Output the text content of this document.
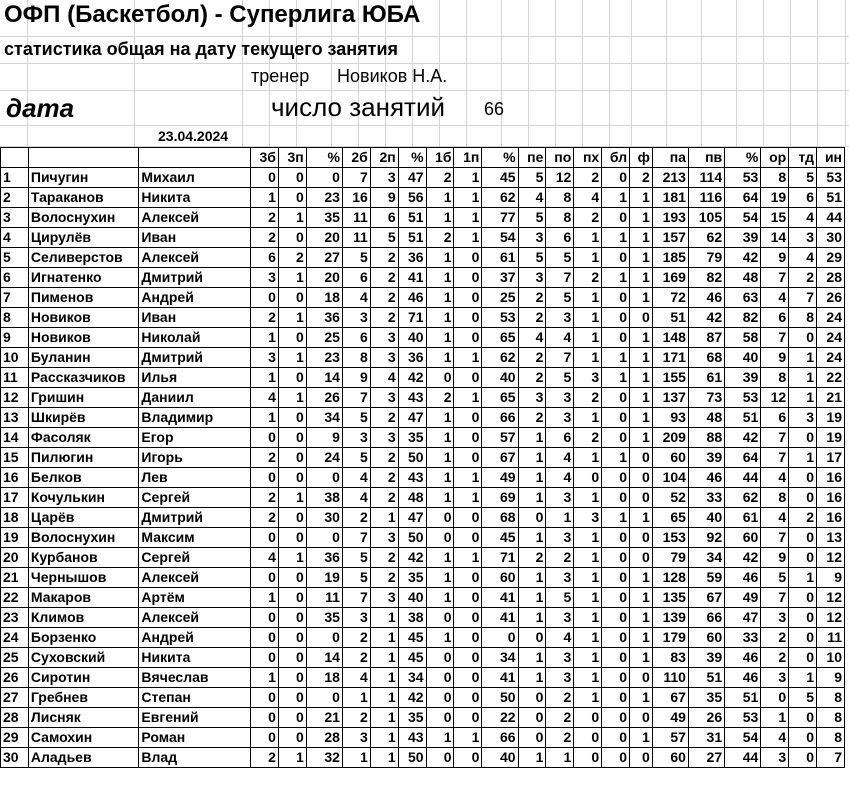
ОФП (Баскетбол) - Суперлига ЮБА
статистика общая на дату текущего занятия
тренер Новиков Н.А.
дата	число занятий 66
23.04.2024
			3б	3п	%	2б	2п	%	1б	1п	%	пе	по	пх	бл	ф	па	пв	%	ор	тд	ин
1	Пичугин	Михаил	0	0	0	7	3	47	2	1	45	5	12	2	0	2	213	114	53	8	5	53
2	Тараканов	Никита	1	0	23	16	9	56	1	1	62	4	8	4	1	1	181	116	64	19	6	51
3	Волоснухин	Алексей	2	1	35	11	6	51	1	1	77	5	8	2	0	1	193	105	54	15	4	44
4	Цирулёв	Иван	2	0	20	11	5	51	2	1	54	3	6	1	1	1	157	62	39	14	3	30
5	Селиверстов	Алексей	6	2	27	5	2	36	1	0	61	5	5	1	0	1	185	79	42	9	4	29
6	Игнатенко	Дмитрий	3	1	20	6	2	41	1	0	37	3	7	2	1	1	169	82	48	7	2	28
7	Пименов	Андрей	0	0	18	4	2	46	1	0	25	2	5	1	0	1	72	46	63	4	7	26
8	Новиков	Иван	2	1	36	3	2	71	1	0	53	2	3	1	0	0	51	42	82	6	8	24
9	Новиков	Николай	1	0	25	6	3	40	1	0	65	4	4	1	0	1	148	87	58	7	0	24
10	Буланин	Дмитрий	3	1	23	8	3	36	1	1	62	2	7	1	1	1	171	68	40	9	1	24
11	Рассказчиков	Илья	1	0	14	9	4	42	0	0	40	2	5	3	1	1	155	61	39	8	1	22
12	Гришин	Даниил	4	1	26	7	3	43	2	1	65	3	3	2	0	1	137	73	53	12	1	21
13	Шкирёв	Владимир	1	0	34	5	2	47	1	0	66	2	3	1	0	1	93	48	51	6	3	19
14	Фасоляк	Егор	0	0	9	3	3	35	1	0	57	1	6	2	0	1	209	88	42	7	0	19
15	Пилюгин	Игорь	2	0	24	5	2	50	1	0	67	1	4	1	1	0	60	39	64	7	1	17
16	Белков	Лев	0	0	0	4	2	43	1	1	49	1	4	0	0	0	104	46	44	4	0	16
17	Кочулькин	Сергей	2	1	38	4	2	48	1	1	69	1	3	1	0	0	52	33	62	8	0	16
18	Царёв	Дмитрий	2	0	30	2	1	47	0	0	68	0	1	3	1	1	65	40	61	4	2	16
19	Волоснухин	Максим	0	0	0	7	3	50	0	0	45	1	3	1	0	0	153	92	60	7	0	13
20	Курбанов	Сергей	4	1	36	5	2	42	1	1	71	2	2	1	0	0	79	34	42	9	0	12
21	Чернышов	Алексей	0	0	19	5	2	35	1	0	60	1	3	1	0	1	128	59	46	5	1	9
22	Макаров	Артём	1	0	11	7	3	40	1	0	41	1	5	1	0	1	135	67	49	7	0	12
23	Климов	Алексей	0	0	35	3	1	38	0	0	41	1	3	1	0	1	139	66	47	3	0	12
24	Борзенко	Андрей	0	0	0	2	1	45	1	0	0	0	4	1	0	1	179	60	33	2	0	11
25	Суховский	Никита	0	0	14	2	1	45	0	0	34	1	3	1	0	1	83	39	46	2	0	10
26	Сиротин	Вячеслав	1	0	18	4	1	34	0	0	41	1	3	1	0	0	110	51	46	3	1	9
27	Гребнев	Степан	0	0	0	1	1	42	0	0	50	0	2	1	0	1	67	35	51	0	5	8
28	Лисняк	Евгений	0	0	21	2	1	35	0	0	22	0	2	0	0	0	49	26	53	1	0	8
29	Самохин	Роман	0	0	28	3	1	43	1	1	66	0	2	0	0	1	57	31	54	4	0	8
30	Аладьев	Влад	2	1	32	1	1	50	0	0	40	1	1	0	0	0	60	27	44	3	0	7
